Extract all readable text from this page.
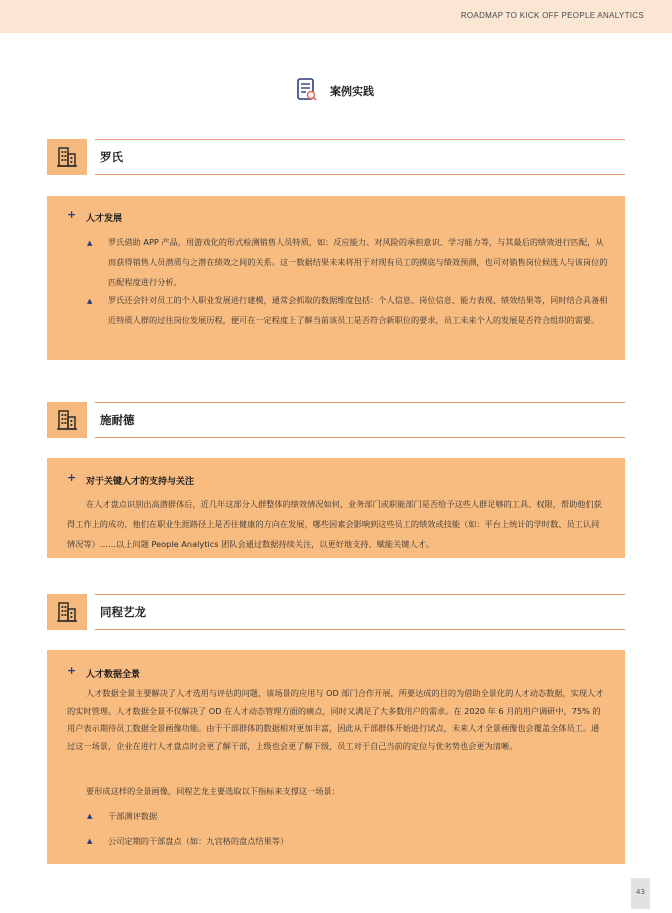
ROADMAP TO KICK OFF PEOPLE ANALYTICS
案例实践
罗氏
+ 人才发展
▲ 罗氏借助 APP 产品，用游戏化的形式检测销售人员特质，如：反应能力、对风险的承担意识、学习能力等，与其最后的绩效进行匹配，从而获得销售人员潜质与之潜在绩效之间的关系。这一数据结果未来将用于对现有员工的摸底与绩效预测，也可对销售岗位候选人与该岗位的匹配程度进行分析。

▲ 罗氏还会针对员工的个人职业发展进行建模，通常会抓取的数据维度包括：个人信息、岗位信息、能力表现、绩效结果等，同时结合具备相近特质人群的过往岗位发展历程，便可在一定程度上了解当前该员工是否符合新职位的要求，员工未来个人的发展是否符合组织的需要。

施耐德
+ 对于关键人才的支持与关注

在人才盘点识别出高潜群体后，近几年这部分人群整体的绩效情况如何，业务部门或职能部门是否给予这些人群足够的工具、权限，帮助他们获得工作上的成功，他们在职业生涯路径上是否往健康的方向在发展，哪些因素会影响到这些员工的绩效或技能（如：平台上统计的学时数、员工认同情况等）……以上问题 People Analytics 团队会通过数据持续关注，以更好地支持、赋能关键人才。

同程艺龙
+ 人才数据全景

人才数据全景主要解决了人才选用与评估的问题，该场景的应用与 OD 部门合作开展，所要达成的目的为借助全景化的人才动态数据，实现人才的实时管理。人才数据全景不仅解决了 OD 在人才动态管理方面的痛点，同时又满足了大多数用户的需求。在 2020 年 6 月的用户调研中，75% 的用户表示期待员工数据全景画像功能。由于干部群体的数据相对更加丰富，因此从干部群体开始进行试点，未来人才全景画像也会覆盖全体员工。通过这一场景，企业在进行人才盘点时会更了解干部，上级也会更了解下级，员工对于自己当前的定位与优劣势也会更为清晰。

要形成这样的全景画像，同程艺龙主要选取以下指标来支撑这一场景：

▲ 干部测评数据

▲ 公司定期的干部盘点（如：九宫格的盘点结果等）

43
